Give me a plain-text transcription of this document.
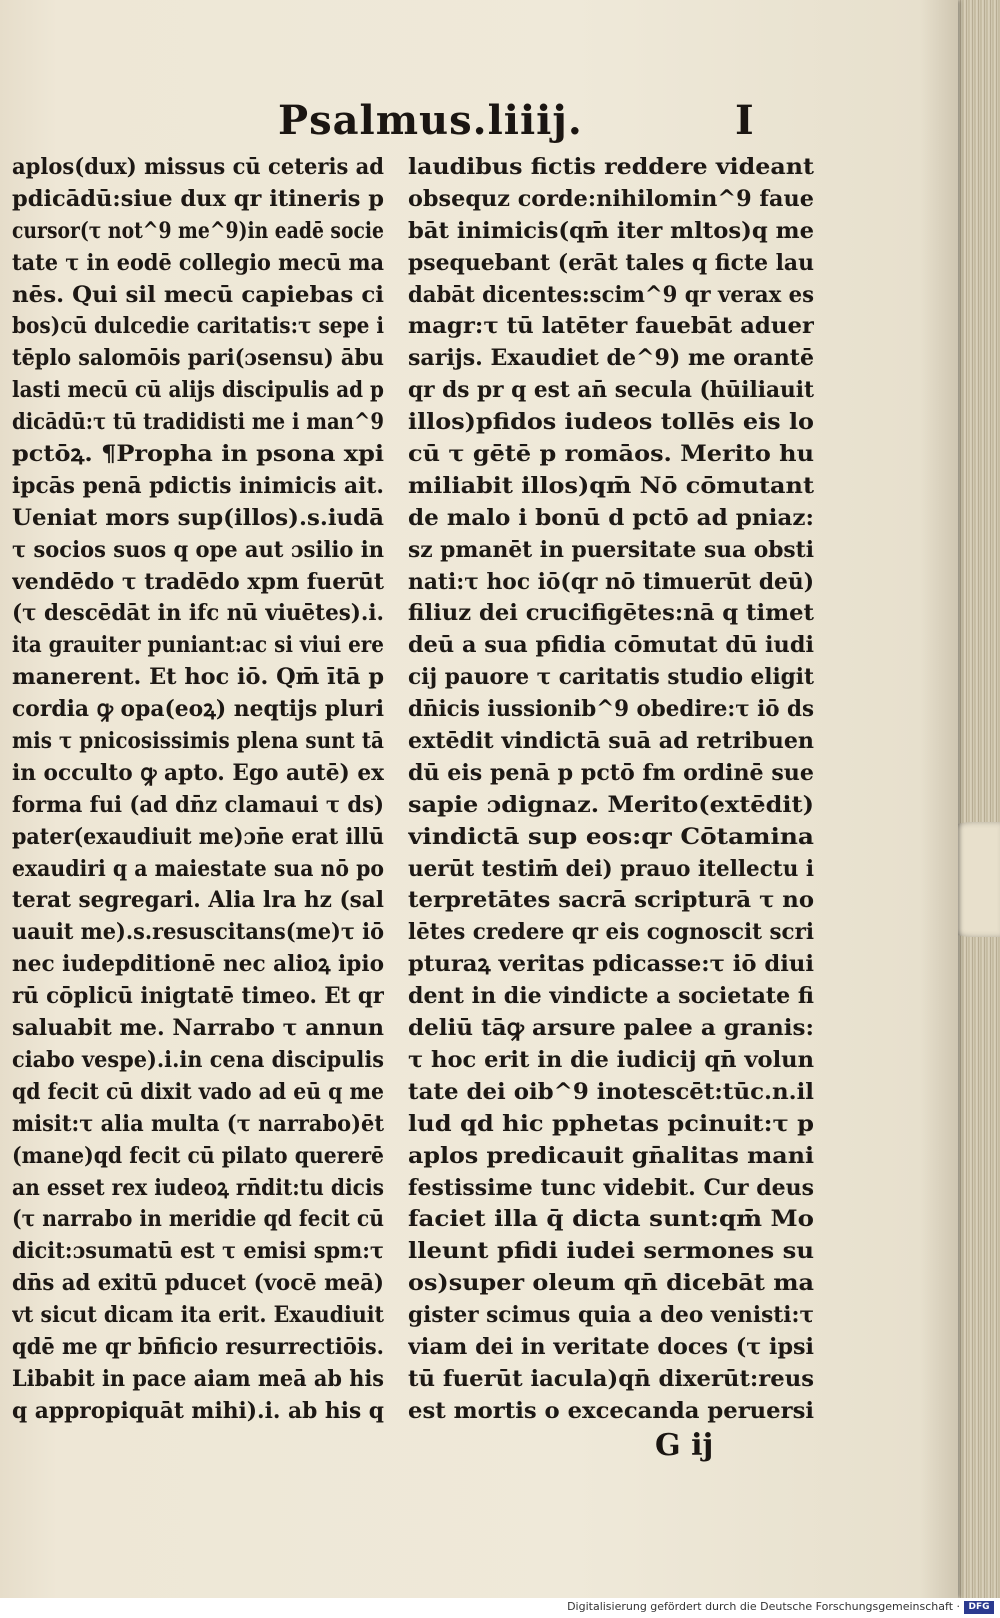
Psalmus.liiij.	I
aplos(dux) missus cū ceteris ad
pdicādū:siue dux qr itineris p
cursor(τ not^9 me^9)in eadē socie
tate τ in eodē collegio mecū ma
nēs. Qui sil mecū capiebas ci
bos)cū dulcedie caritatis:τ sepe i
tēplo salomōis pari(ɔsensu) ābu
lasti mecū cū alijs discipulis ad p
dicādū:τ tū tradidisti me i man^9
pctōꝝ. ¶Propha in psona xpi
ipcās penā pdictis inimicis ait.
Ueniat mors sup(illos).s.iudā
τ socios suos q ope aut ɔsilio in
vendēdo τ tradēdo xpm fuerūt
(τ descēdāt in ifc nū viuētes).i.
ita grauiter puniant:ac si viui ere
manerent. Et hoc iō. Qm̄ ītā p
cordia ꝙ opa(eoꝝ) neqtijs pluri
mis τ pnicosissimis plena sunt tā
in occulto ꝙ apto. Ego autē) ex
forma fui (ad dn̄z clamaui τ ds)
pater(exaudiuit me)ɔn̄e erat illū
exaudiri q a maiestate sua nō po
terat segregari. Alia lra hz (sal
uauit me).s.resuscitans(me)τ iō
nec iudepditionē nec alioꝝ ipio
rū cōplicū inigtatē timeo. Et qr
saluabit me. Narrabo τ annun
ciabo vespe).i.in cena discipulis
qd fecit cū dixit vado ad eū q me
misit:τ alia multa (τ narrabo)ēt
(mane)qd fecit cū pilato quererē
an esset rex iudeoꝝ rn̄dit:tu dicis
(τ narrabo in meridie qd fecit cū
dicit:ɔsumatū est τ emisi spm:τ
dn̄s ad exitū pducet (vocē meā)
vt sicut dicam ita erit. Exaudiuit
qdē me qr bn̄ficio resurrectiōis.
Libabit in pace aiam meā ab his
q appropiquāt mihi).i. ab his q
laudibus fictis reddere videant
obsequz corde:nihilomin^9 faue
bāt inimicis(qm̄ iter mltos)q me
psequebant (erāt tales q ficte lau
dabāt dicentes:scim^9 qr verax es
magr:τ tū latēter fauebāt aduer
sarijs. Exaudiet de^9) me orantē
qr ds pr q est an̄ secula (hūiliauit
illos)pfidos iudeos tollēs eis lo
cū τ gētē p romāos. Merito hu
miliabit illos)qm̄ Nō cōmutant
de malo i bonū d pctō ad pniaz:
sz pmanēt in puersitate sua obsti
nati:τ hoc iō(qr nō timuerūt deū)
filiuz dei crucifigētes:nā q timet
deū a sua pfidia cōmutat dū iudi
cij pauore τ caritatis studio eligit
dn̄icis iussionib^9 obedire:τ iō ds
extēdit vindictā suā ad retribuen
dū eis penā p pctō fm ordinē sue
sapie ɔdignaz. Merito(extēdit)
vindictā sup eos:qr Cōtamina
uerūt testim̄ dei) prauo itellectu i
terpretātes sacrā scripturā τ no
lētes credere qr eis cognoscit scri
pturaꝝ veritas pdicasse:τ iō diui
dent in die vindicte a societate fi
deliū tāꝙ arsure palee a granis:
τ hoc erit in die iudicij qn̄ volun
tate dei oib^9 inotescēt:tūc.n.il
lud qd hic pphetas pcinuit:τ p
aplos predicauit gn̄alitas mani
festissime tunc videbit. Cur deus
faciet illa q̄ dicta sunt:qm̄ Mo
lleunt pfidi iudei sermones su
os)super oleum qn̄ dicebāt ma
gister scimus quia a deo venisti:τ
viam dei in veritate doces (τ ipsi
tū fuerūt iacula)qn̄ dixerūt:reus
est mortis o excecanda peruersi
G ij
Digitalisierung gefördert durch die Deutsche Forschungsgemeinschaft · DFG
